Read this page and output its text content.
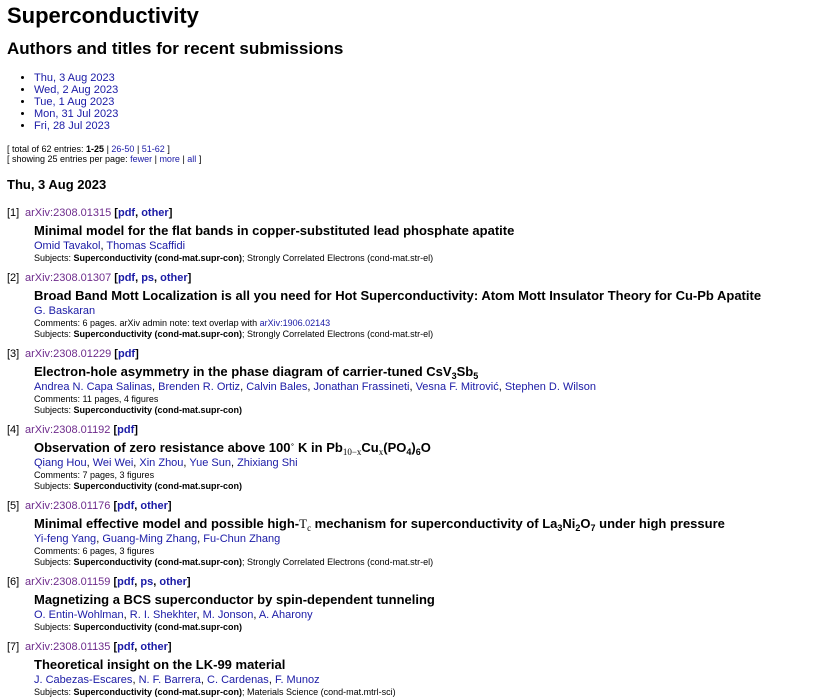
Superconductivity
Authors and titles for recent submissions
• Thu, 3 Aug 2023
• Wed, 2 Aug 2023
• Tue, 1 Aug 2023
• Mon, 31 Jul 2023
• Fri, 28 Jul 2023
[ total of 62 entries: 1-25 | 26-50 | 51-62 ]
[ showing 25 entries per page: fewer | more | all ]
Thu, 3 Aug 2023
[1] arXiv:2308.01315 [pdf, other]
Minimal model for the flat bands in copper-substituted lead phosphate apatite
Omid Tavakol, Thomas Scaffidi
Subjects: Superconductivity (cond-mat.supr-con); Strongly Correlated Electrons (cond-mat.str-el)
[2] arXiv:2308.01307 [pdf, ps, other]
Broad Band Mott Localization is all you need for Hot Superconductivity: Atom Mott Insulator Theory for Cu-Pb Apatite
G. Baskaran
Comments: 6 pages. arXiv admin note: text overlap with arXiv:1906.02143
Subjects: Superconductivity (cond-mat.supr-con); Strongly Correlated Electrons (cond-mat.str-el)
[3] arXiv:2308.01229 [pdf]
Electron-hole asymmetry in the phase diagram of carrier-tuned $CsV_3Sb_5$
Andrea N. Capa Salinas, Brenden R. Ortiz, Calvin Bales, Jonathan Frassineti, Vesna F. Mitrović, Stephen D. Wilson
Comments: 11 pages, 4 figures
Subjects: Superconductivity (cond-mat.supr-con)
[4] arXiv:2308.01192 [pdf]
Observation of zero resistance above 100∘ K in $Pb_{10-x}Cu_x(PO_4)_6O$
Qiang Hou, Wei Wei, Xin Zhou, Yue Sun, Zhixiang Shi
Comments: 7 pages, 3 figures
Subjects: Superconductivity (cond-mat.supr-con)
[5] arXiv:2308.01176 [pdf, other]
Minimal effective model and possible high-$T_c$ mechanism for superconductivity of $La_3Ni_2O_7$ under high pressure
Yi-feng Yang, Guang-Ming Zhang, Fu-Chun Zhang
Comments: 6 pages, 3 figures
Subjects: Superconductivity (cond-mat.supr-con); Strongly Correlated Electrons (cond-mat.str-el)
[6] arXiv:2308.01159 [pdf, ps, other]
Magnetizing a BCS superconductor by spin-dependent tunneling
O. Entin-Wohlman, R. I. Shekhter, M. Jonson, A. Aharony
Subjects: Superconductivity (cond-mat.supr-con)
[7] arXiv:2308.01135 [pdf, other]
Theoretical insight on the LK-99 material
J. Cabezas-Escares, N. F. Barrera, C. Cardenas, F. Munoz
Subjects: Superconductivity (cond-mat.supr-con); Materials Science (cond-mat.mtrl-sci)
